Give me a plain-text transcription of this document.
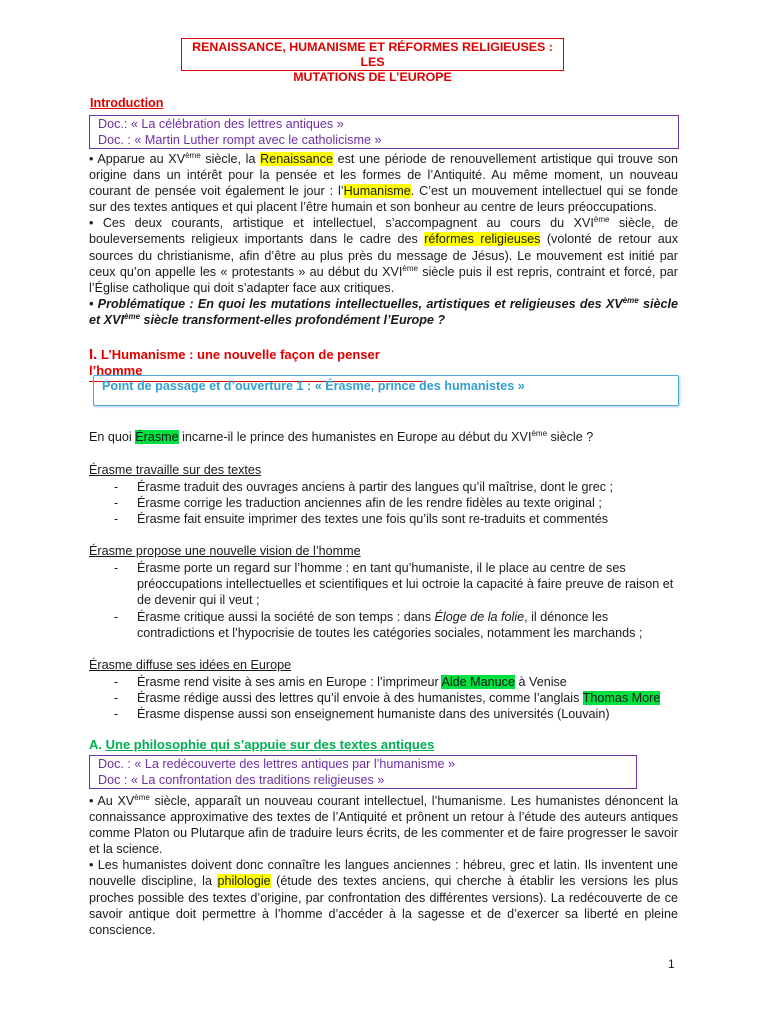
RENAISSANCE, HUMANISME ET RÉFORMES RELIGIEUSES : LES
MUTATIONS DE L’EUROPE
Introduction
Doc.: « La célébration des lettres antiques »
Doc. : « Martin Luther rompt avec le catholicisme »

• Apparue au XVème siècle, la Renaissance est une période de renouvellement artistique qui trouve son origine dans un intérêt pour la pensée et les formes de l’Antiquité. Au même moment, un nouveau courant de pensée voit également le jour : l’Humanisme. C’est un mouvement intellectuel qui se fonde sur des textes antiques et qui placent l’être humain et son bonheur au centre de leurs préoccupations.

• Ces deux courants, artistique et intellectuel, s’accompagnent au cours du XVIème siècle, de bouleversements religieux importants dans le cadre des réformes religieuses (volonté de retour aux sources du christianisme, afin d’être au plus près du message de Jésus). Le mouvement est initié par ceux qu’on appelle les « protestants » au début du XVIème siècle puis il est repris, contraint et forcé, par l’Église catholique qui doit s’adapter face aux critiques.

• Problématique : En quoi les mutations intellectuelles, artistiques et religieuses des XVème siècle et XVIème siècle transforment-elles profondément l’Europe ?

I. L’Humanisme : une nouvelle façon de penser l’homme
Point de passage et d’ouverture 1 : « Érasme, prince des humanistes »
En quoi Érasme incarne-il le prince des humanistes en Europe au début du XVIème siècle ?
Érasme travaille sur des textes
- Érasme traduit des ouvrages anciens à partir des langues qu’il maîtrise, dont le grec ;
- Érasme corrige les traduction anciennes afin de les rendre fidèles au texte original ;
- Érasme fait ensuite imprimer des textes une fois qu’ils sont re-traduits et commentés
Érasme propose une nouvelle vision de l’homme
- Érasme porte un regard sur l’homme : en tant qu’humaniste, il le place au centre de ses préoccupations intellectuelles et scientifiques et lui octroie la capacité à faire preuve de raison et de devenir qui il veut ;
- Érasme critique aussi la société de son temps : dans Éloge de la folie, il dénonce les contradictions et l’hypocrisie de toutes les catégories sociales, notamment les marchands ;
Érasme diffuse ses idées en Europe
- Érasme rend visite à ses amis en Europe : l’imprimeur Alde Manuce à Venise
- Érasme rédige aussi des lettres qu’il envoie à des humanistes, comme l’anglais Thomas More
- Érasme dispense aussi son enseignement humaniste dans des universités (Louvain)
A. Une philosophie qui s’appuie sur des textes antiques
Doc. : « La redécouverte des lettres antiques par l’humanisme »
Doc : « La confrontation des traditions religieuses »

• Au XVème siècle, apparaît un nouveau courant intellectuel, l’humanisme. Les humanistes dénoncent la connaissance approximative des textes de l’Antiquité et prônent un retour à l’étude des auteurs antiques comme Platon ou Plutarque afin de traduire leurs écrits, de les commenter et de faire progresser le savoir et la science.

• Les humanistes doivent donc connaître les langues anciennes : hébreu, grec et latin. Ils inventent une nouvelle discipline, la philologie (étude des textes anciens, qui cherche à établir les versions les plus proches possible des textes d’origine, par confrontation des différentes versions). La redécouverte de ce savoir antique doit permettre à l’homme d’accéder à la sagesse et de d’exercer sa liberté en pleine conscience.

1
